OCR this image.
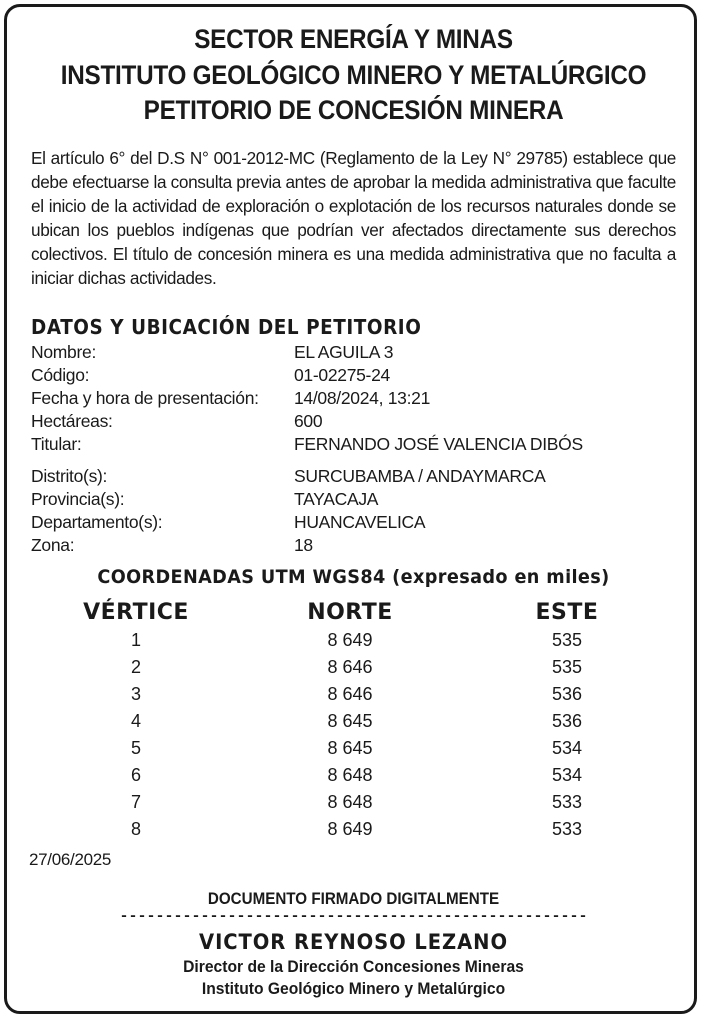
SECTOR ENERGÍA Y MINAS
INSTITUTO GEOLÓGICO MINERO Y METALÚRGICO
PETITORIO DE CONCESIÓN MINERA
El artículo 6° del D.S N° 001-2012-MC (Reglamento de la Ley N° 29785) establece que debe efectuarse la consulta previa antes de aprobar la medida administrativa que faculte el inicio de la actividad de exploración o explotación de los recursos naturales donde se ubican los pueblos indígenas que podrían ver afectados directamente sus derechos colectivos. El título de concesión minera es una medida administrativa que no faculta a iniciar dichas actividades.
DATOS Y UBICACIÓN DEL PETITORIO
Nombre:	EL AGUILA 3
Código:	01-02275-24
Fecha y hora de presentación: 14/08/2024, 13:21
Hectáreas:	600
Titular:	FERNANDO JOSÉ VALENCIA DIBÓS
Distrito(s):	SURCUBAMBA / ANDAYMARCA
Provincia(s):	TAYACAJA
Departamento(s):	HUANCAVELICA
Zona:	18
COORDENADAS UTM WGS84 (expresado en miles)
VÉRTICE	NORTE	ESTE
1	8 649	535
2	8 646	535
3	8 646	536
4	8 645	536
5	8 645	534
6	8 648	534
7	8 648	533
8	8 649	533
27/06/2025
DOCUMENTO FIRMADO DIGITALMENTE
----------------------------------------------------
VICTOR REYNOSO LEZANO
Director de la Dirección Concesiones Mineras
Instituto Geológico Minero y Metalúrgico
